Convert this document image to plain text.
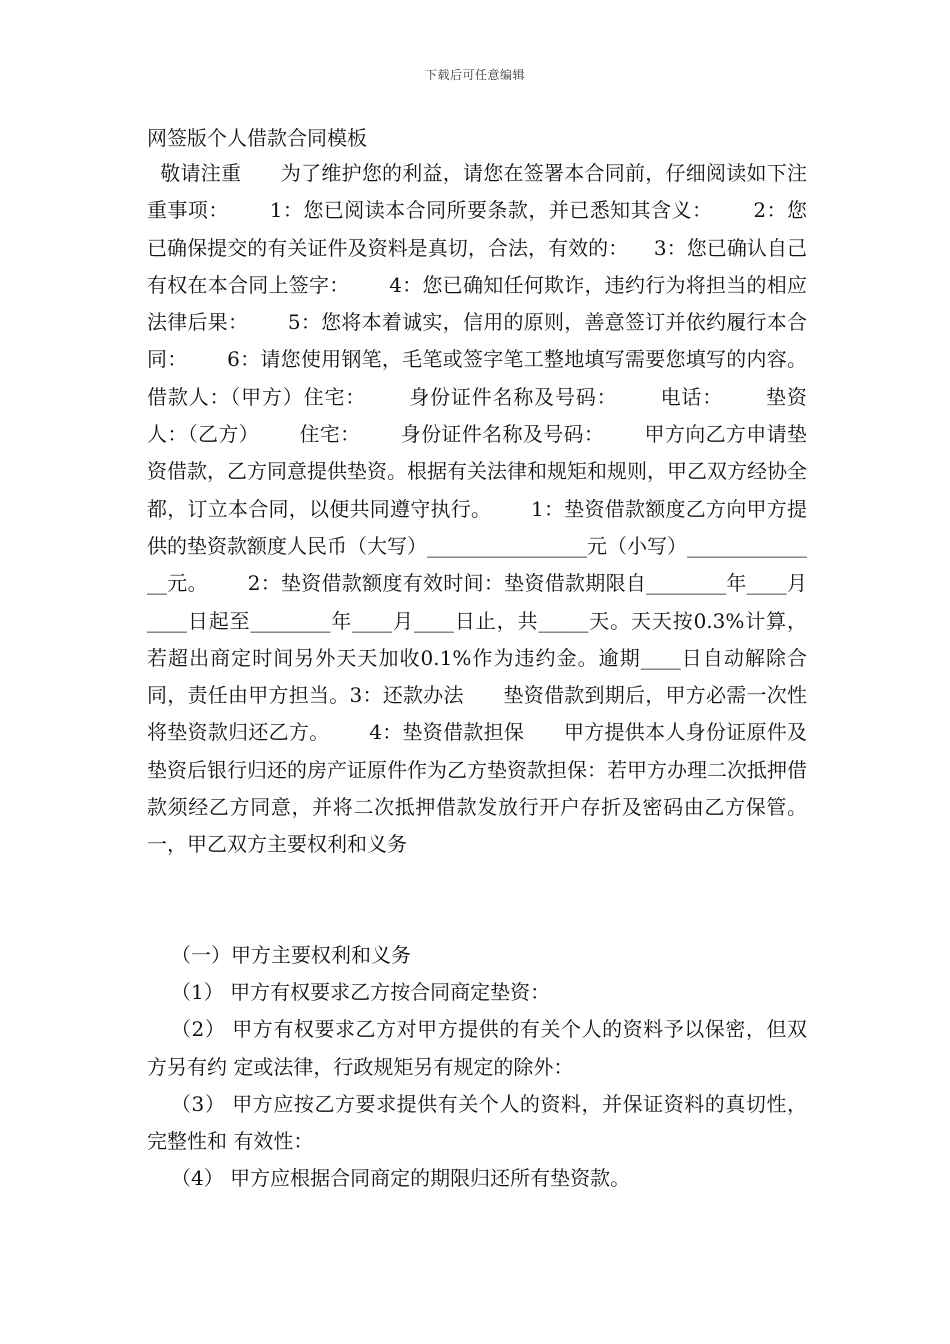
下载后可任意编辑
网签版个人借款合同模板

敬请注重      为了维护您的利益，请您在签署本合同前，仔细阅读如下注重事项：      1：您已阅读本合同所要条款，并已悉知其含义：      2：您已确保提交的有关证件及资料是真切，合法，有效的：    3：您已确认自己有权在本合同上签字：      4：您已确知任何欺诈，违约行为将担当的相应法律后果：      5：您将本着诚实，信用的原则，善意签订并依约履行本合同：      6：请您使用钢笔，毛笔或签字笔工整地填写需要您填写的内容。      借款人：（甲方）住宅：      身份证件名称及号码：      电话：      垫资人：（乙方）      住宅：      身份证件名称及号码：      甲方向乙方申请垫资借款，乙方同意提供垫资。根据有关法律和规矩和规则，甲乙双方经协全都，订立本合同，以便共同遵守执行。      1：垫资借款额度乙方向甲方提供的垫资款额度人民币（大写）________________元（小写）______________元。      2：垫资借款额度有效时间：垫资借款期限自________年____月____日起至________年____月____日止，共_____天。天天按0.3%计算，若超出商定时间另外天天加收0.1%作为违约金。逾期____日自动解除合同，责任由甲方担当。3：还款办法      垫资借款到期后，甲方必需一次性将垫资款归还乙方。      4：垫资借款担保      甲方提供本人身份证原件及垫资后银行归还的房产证原件作为乙方垫资款担保：若甲方办理二次抵押借款须经乙方同意，并将二次抵押借款发放行开户存折及密码由乙方保管。      一，甲乙双方主要权利和义务

（一）甲方主要权利和义务
（1） 甲方有权要求乙方按合同商定垫资：
（2） 甲方有权要求乙方对甲方提供的有关个人的资料予以保密，但双方另有约 定或法律，行政规矩另有规定的除外：
（3） 甲方应按乙方要求提供有关个人的资料，并保证资料的真切性，完整性和 有效性：
（4） 甲方应根据合同商定的期限归还所有垫资款。
